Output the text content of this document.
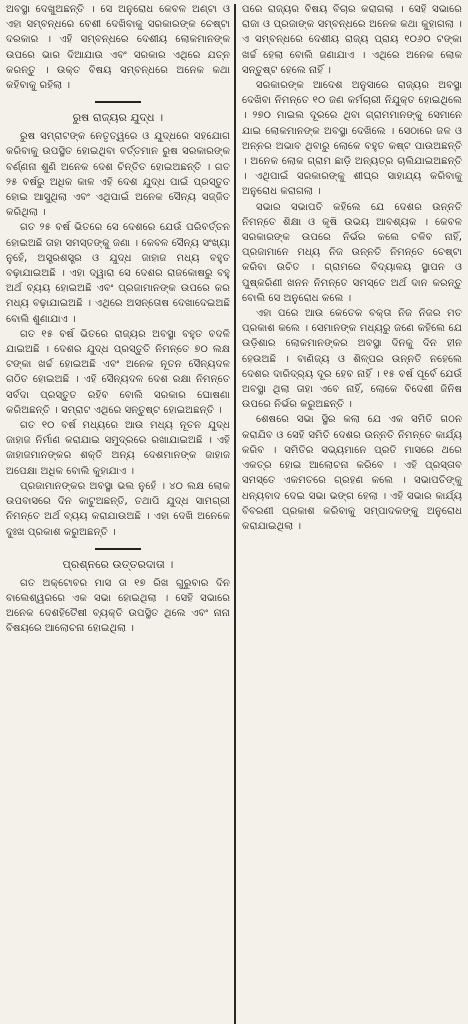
ଅବସ୍ଥା ଦେଖୁଅଛନ୍ତି । ସେ ଅନୁରୋଧ କେବଳ ଅଣ୍ଟା ଓ ଏହା ସମ୍ବନ୍ଧରେ ବେଶୀ ଦେଖିବାକୁ ସରକାରଙ୍କ ଚେଷ୍ଟା ଦରକାର । ଏହି ସମ୍ବନ୍ଧରେ ଦେଶୀୟ ଲୋକମାନଙ୍କ ଉପରେ ଭାର ଦିଆଯାଉ ଏବଂ ସରକାର ଏଥିରେ ଯତ୍ନ କରନ୍ତୁ । ଉକ୍ତ ବିଷୟ ସମ୍ବନ୍ଧରେ ଅନେକ କଥା କହିବାକୁ ରହିଲା ।

ରୁଷ ରାଜ୍ୟର ଯୁଦ୍ଧ ।

ରୁଷ ସମ୍ରାଟଙ୍କ ନେତୃତ୍ୱରେ ଓ ଯୁଦ୍ଧରେ ସହଯୋଗ କରିବାକୁ ଉପସ୍ଥିତ ହୋଇଥିବା ବର୍ତ୍ତମାନ ରୁଷ ସରକାରଙ୍କ ବର୍ଣ୍ଣନା ଶୁଣି ଅନେକ ଦେଶ ଚିନ୍ତିତ ହୋଇଅଛନ୍ତି । ଗତ ୨୫ ବର୍ଷରୁ ଅଧିକ କାଳ ଏହି ଦେଶ ଯୁଦ୍ଧ ପାଇଁ ପ୍ରସ୍ତୁତ ହୋଇ ଆସୁଥିଲା ଏବଂ ଏଥିପାଇଁ ଅନେକ ସୈନ୍ୟ ସଜ୍ଜିତ କରିଥିଲା ।

ଗତ ୨୫ ବର୍ଷ ଭିତରେ ସେ ଦେଶରେ ଯେଉଁ ପରିବର୍ତ୍ତନ ହୋଇଅଛି ତାହା ସମସ୍ତଙ୍କୁ ଜଣା । କେବଳ ସୈନ୍ୟ ସଂଖ୍ୟା ନୁହେଁ, ଅସ୍ତ୍ରଶସ୍ତ୍ର ଓ ଯୁଦ୍ଧ ଜାହାଜ ମଧ୍ୟ ବହୁତ ବଢ଼ାଯାଇଅଛି । ଏହା ଦ୍ୱାରା ସେ ଦେଶର ରାଜକୋଷରୁ ବହୁ ଅର୍ଥ ବ୍ୟୟ ହୋଇଅଛି ଏବଂ ପ୍ରଜାମାନଙ୍କ ଉପରେ କର ମଧ୍ୟ ବଢ଼ାଯାଇଅଛି । ଏଥିରେ ଅସନ୍ତୋଷ ଦେଖାଦେଇଅଛି ବୋଲି ଶୁଣାଯାଏ ।

ଗତ ୧୫ ବର୍ଷ ଭିତରେ ରାଜ୍ୟର ଅବସ୍ଥା ବହୁତ ବଦଳି ଯାଇଅଛି । ଦେଶର ଯୁଦ୍ଧ ପ୍ରସ୍ତୁତି ନିମନ୍ତେ ୭୦ ଲକ୍ଷ ଟଙ୍କା ଖର୍ଚ୍ଚ ହୋଇଅଛି ଏବଂ ଅନେକ ନୂତନ ସୈନ୍ୟଦଳ ଗଠିତ ହୋଇଅଛି । ଏହି ସୈନ୍ୟଦଳ ଦେଶ ରକ୍ଷା ନିମନ୍ତେ ସର୍ବଦା ପ୍ରସ୍ତୁତ ରହିବ ବୋଲି ସରକାର ଘୋଷଣା କରିଅଛନ୍ତି । ସମ୍ରାଟ ଏଥିରେ ସନ୍ତୁଷ୍ଟ ହୋଇଅଛନ୍ତି ।

ଗତ ୧୦ ବର୍ଷ ମଧ୍ୟରେ ଆଉ ମଧ୍ୟ ନୂତନ ଯୁଦ୍ଧ ଜାହାଜ ନିର୍ମାଣ କରାଯାଇ ସମୁଦ୍ରରେ ରଖାଯାଇଅଛି । ଏହି ଜାହାଜମାନଙ୍କର ଶକ୍ତି ଅନ୍ୟ ଦେଶମାନଙ୍କ ଜାହାଜ ଅପେକ୍ଷା ଅଧିକ ବୋଲି କୁହାଯାଏ ।

ପ୍ରଜାମାନଙ୍କର ଅବସ୍ଥା ଭଲ ନୁହେଁ । ୪୦ ଲକ୍ଷ ଲୋକ ଉପବାସରେ ଦିନ କାଟୁଅଛନ୍ତି, ତଥାପି ଯୁଦ୍ଧ ସାମଗ୍ରୀ ନିମନ୍ତେ ଅର୍ଥ ବ୍ୟୟ କରାଯାଉଅଛି । ଏହା ଦେଖି ଅନେକେ ଦୁଃଖ ପ୍ରକାଶ କରୁଅଛନ୍ତି ।

ପ୍ରଶ୍ନରେ ଉତ୍ତରଦାତା ।

ଗତ ଅକ୍ଟୋବର ମାସ ତା ୧୭ ରିଖ ଗୁରୁବାର ଦିନ ବାଲେଶ୍ୱରରେ ଏକ ସଭା ହୋଇଥିଲା । ସେହି ସଭାରେ ଅନେକ ଦେଶହିତୈଷୀ ବ୍ୟକ୍ତି ଉପସ୍ଥିତ ଥିଲେ ଏବଂ ନାନା ବିଷୟରେ ଆଲୋଚନା ହୋଇଥିଲା ।

ପରେ ରାଜ୍ୟର ବିଷୟ ବିଚାର କରାଗଲା । ସେହି ସଭାରେ ରାଜା ଓ ପ୍ରଜାଙ୍କ ସମ୍ବନ୍ଧରେ ଅନେକ କଥା କୁହାଗଲା । ଏ ସମ୍ବନ୍ଧରେ ଦେଶୀୟ ରାଜ୍ୟ ପ୍ରାୟ ୧୦୬୦ ଟଙ୍କା ଖର୍ଚ୍ଚ ହେଲା ବୋଲି ଜଣାଯାଏ । ଏଥିରେ ଅନେକ ଲୋକ ସନ୍ତୁଷ୍ଟ ହେଲେ ନାହିଁ ।

ସରକାରଙ୍କ ଆଦେଶ ଅନୁସାରେ ରାଜ୍ୟର ଅବସ୍ଥା ଦେଖିବା ନିମନ୍ତେ ୧୦ ଜଣ କର୍ମଚାରୀ ନିଯୁକ୍ତ ହୋଇଥିଲେ । ୨୭୦ ମାଇଲ ଦୂରରେ ଥିବା ଗ୍ରାମମାନଙ୍କୁ ସେମାନେ ଯାଇ ଲୋକମାନଙ୍କ ଅବସ୍ଥା ଦେଖିଲେ । ସେଠାରେ ଜଳ ଓ ଅନ୍ନର ଅଭାବ ଥିବାରୁ ଲୋକେ ବହୁତ କଷ୍ଟ ପାଉଅଛନ୍ତି । ଅନେକ ଲୋକ ଗ୍ରାମ ଛାଡ଼ି ଅନ୍ୟତ୍ର ଚାଲିଯାଇଅଛନ୍ତି । ଏଥିପାଇଁ ସରକାରଙ୍କୁ ଶୀଘ୍ର ସାହାଯ୍ୟ କରିବାକୁ ଅନୁରୋଧ କରାଗଲା ।

ସଭାର ସଭାପତି କହିଲେ ଯେ ଦେଶର ଉନ୍ନତି ନିମନ୍ତେ ଶିକ୍ଷା ଓ କୃଷି ଉଭୟ ଆବଶ୍ୟକ । କେବଳ ସରକାରଙ୍କ ଉପରେ ନିର୍ଭର କଲେ ଚଳିବ ନାହିଁ, ପ୍ରଜାମାନେ ମଧ୍ୟ ନିଜ ଉନ୍ନତି ନିମନ୍ତେ ଚେଷ୍ଟା କରିବା ଉଚିତ । ଗ୍ରାମରେ ବିଦ୍ୟାଳୟ ସ୍ଥାପନ ଓ ପୁଷ୍କରିଣୀ ଖନନ ନିମନ୍ତେ ସମସ୍ତେ ଅର୍ଥ ଦାନ କରନ୍ତୁ ବୋଲି ସେ ଅନୁରୋଧ କଲେ ।

ଏହା ପରେ ଆଉ କେତେକ ବକ୍ତା ନିଜ ନିଜର ମତ ପ୍ରକାଶ କଲେ । ସେମାନଙ୍କ ମଧ୍ୟରୁ ଜଣେ କହିଲେ ଯେ ଉଡ଼ିଶାର ଲୋକମାନଙ୍କର ଅବସ୍ଥା ଦିନକୁ ଦିନ ହୀନ ହେଉଅଛି । ବାଣିଜ୍ୟ ଓ ଶିଳ୍ପର ଉନ୍ନତି ନହେଲେ ଦେଶର ଦାରିଦ୍ର୍ୟ ଦୂର ହେବ ନାହିଁ । ୧୫ ବର୍ଷ ପୂର୍ବେ ଯେଉଁ ଅବସ୍ଥା ଥିଲା ତାହା ଏବେ ନାହିଁ, ଲୋକେ ବିଦେଶୀ ଜିନିଷ ଉପରେ ନିର୍ଭର କରୁଅଛନ୍ତି ।

ଶେଷରେ ସଭା ସ୍ଥିର କଲା ଯେ ଏକ ସମିତି ଗଠନ କରାଯିବ ଓ ସେହି ସମିତି ଦେଶର ଉନ୍ନତି ନିମନ୍ତେ କାର୍ଯ୍ୟ କରିବ । ସମିତିର ସଭ୍ୟମାନେ ପ୍ରତି ମାସରେ ଥରେ ଏକତ୍ର ହୋଇ ଆଲୋଚନା କରିବେ । ଏହି ପ୍ରସ୍ତାବ ସମସ୍ତେ ଏକମତରେ ଗ୍ରହଣ କଲେ । ସଭାପତିଙ୍କୁ ଧନ୍ୟବାଦ ଦେଇ ସଭା ଭଙ୍ଗ ହେଲା । ଏହି ସଭାର କାର୍ଯ୍ୟ ବିବରଣୀ ପ୍ରକାଶ କରିବାକୁ ସମ୍ପାଦକଙ୍କୁ ଅନୁରୋଧ କରାଯାଇଥିଲା ।
